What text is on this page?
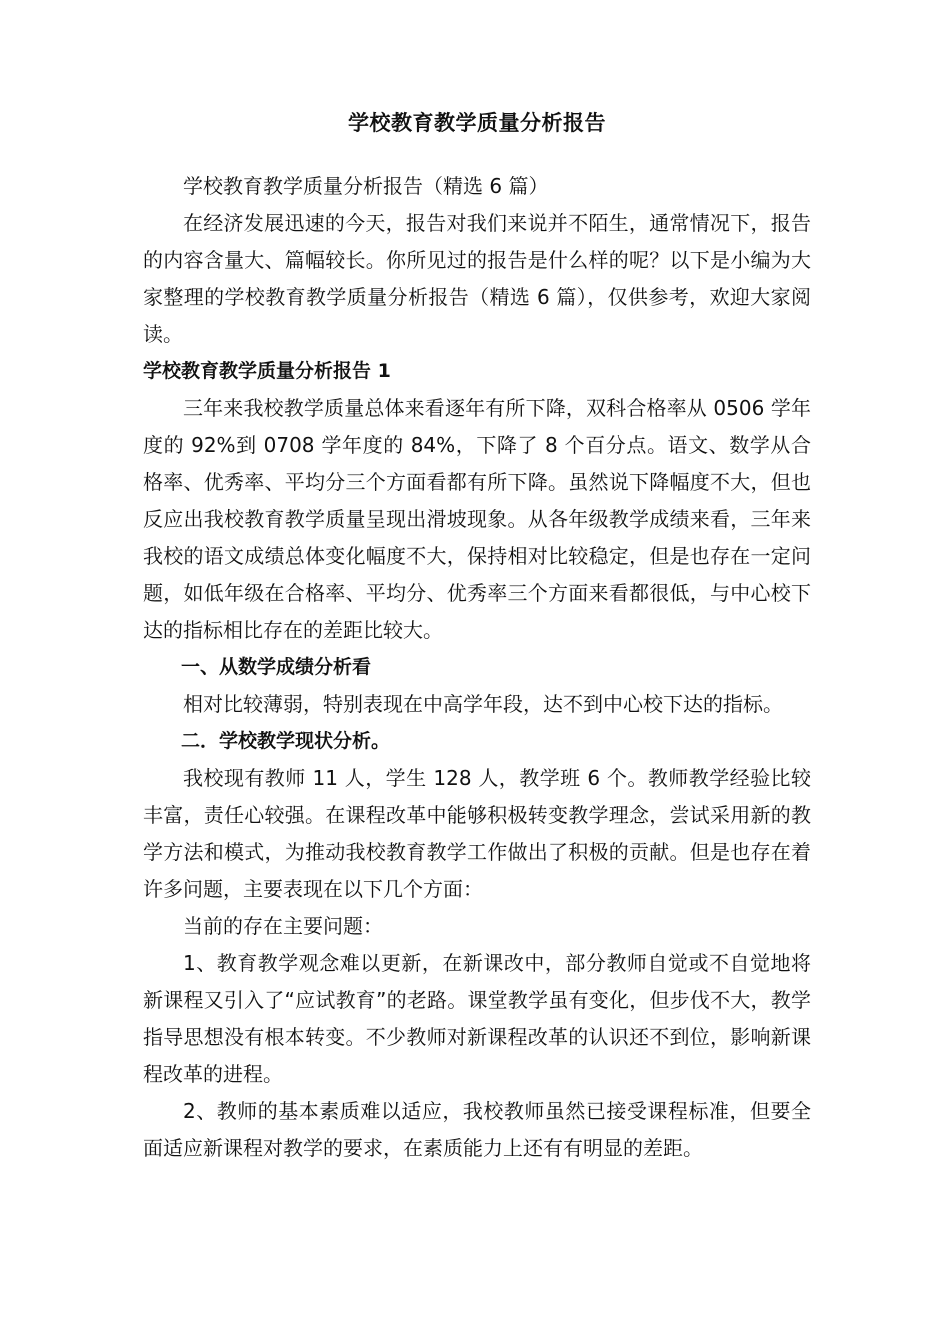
学校教育教学质量分析报告

学校教育教学质量分析报告（精选 6 篇）

在经济发展迅速的今天，报告对我们来说并不陌生，通常情况下，报告的内容含量大、篇幅较长。你所见过的报告是什么样的呢？以下是小编为大家整理的学校教育教学质量分析报告（精选 6 篇），仅供参考，欢迎大家阅读。

学校教育教学质量分析报告 1

三年来我校教学质量总体来看逐年有所下降，双科合格率从 0506 学年度的 92%到 0708 学年度的 84%，下降了 8 个百分点。语文、数学从合格率、优秀率、平均分三个方面看都有所下降。虽然说下降幅度不大，但也反应出我校教育教学质量呈现出滑坡现象。从各年级教学成绩来看，三年来我校的语文成绩总体变化幅度不大，保持相对比较稳定，但是也存在一定问题，如低年级在合格率、平均分、优秀率三个方面来看都很低，与中心校下达的指标相比存在的差距比较大。

一、从数学成绩分析看

相对比较薄弱，特别表现在中高学年段，达不到中心校下达的指标。

二．学校教学现状分析。

我校现有教师 11 人，学生 128 人，教学班 6 个。教师教学经验比较丰富，责任心较强。在课程改革中能够积极转变教学理念，尝试采用新的教学方法和模式，为推动我校教育教学工作做出了积极的贡献。但是也存在着许多问题，主要表现在以下几个方面：

当前的存在主要问题：

1、教育教学观念难以更新，在新课改中，部分教师自觉或不自觉地将新课程又引入了“应试教育”的老路。课堂教学虽有变化，但步伐不大，教学指导思想没有根本转变。不少教师对新课程改革的认识还不到位，影响新课程改革的进程。

2、教师的基本素质难以适应，我校教师虽然已接受课程标准，但要全面适应新课程对教学的要求，在素质能力上还有有明显的差距。
